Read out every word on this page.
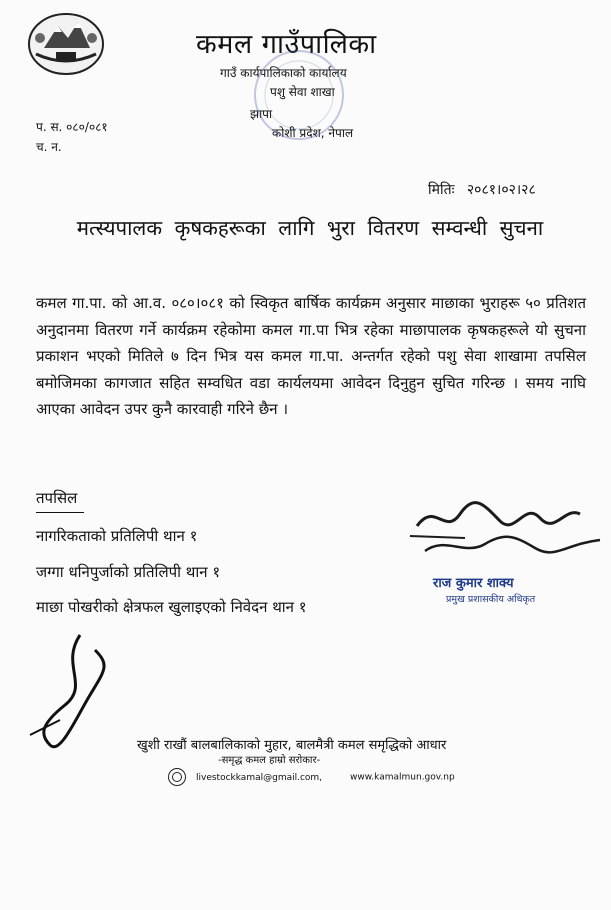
कमल गाउँपालिका
गाउँ कार्यपालिकाको कार्यालय
पशु सेवा शाखा
झापा
कोशी प्रदेश, नेपाल
प. स. ०८०/०८१
च. न.
मितिः २०८१।०२।२८
मत्स्यपालक कृषकहरूका लागि भुरा वितरण सम्वन्धी सुचना
कमल गा.पा. को आ.व. ०८०।०८१ को स्विकृत बार्षिक कार्यक्रम अनुसार माछाका भुराहरू ५० प्रतिशत अनुदानमा वितरण गर्ने कार्यक्रम रहेकोमा कमल गा.पा भित्र रहेका माछापालक कृषकहरूले यो सुचना प्रकाशन भएको मितिले ७ दिन भित्र यस कमल गा.पा. अन्तर्गत रहेको पशु सेवा शाखामा तपसिल बमोजिमका कागजात सहित सम्वधित वडा कार्यलयमा आवेदन दिनुहुन सुचित गरिन्छ । समय नाघि आएका आवेदन उपर कुनै कारवाही गरिने छैन ।
तपसिल
नागरिकताको प्रतिलिपी थान १
जग्गा धनिपुर्जाको प्रतिलिपी थान १
माछा पोखरीको क्षेत्रफल खुलाइएको निवेदन थान १
राज कुमार शाक्य
प्रमुख प्रशासकीय अधिकृत
खुशी राखौं बालबालिकाको मुहार, बालमैत्री कमल समृद्धिको आधार
-समृद्ध कमल हाम्रो सरोकार-
livestockkamal@gmail.com,	www.kamalmun.gov.np
